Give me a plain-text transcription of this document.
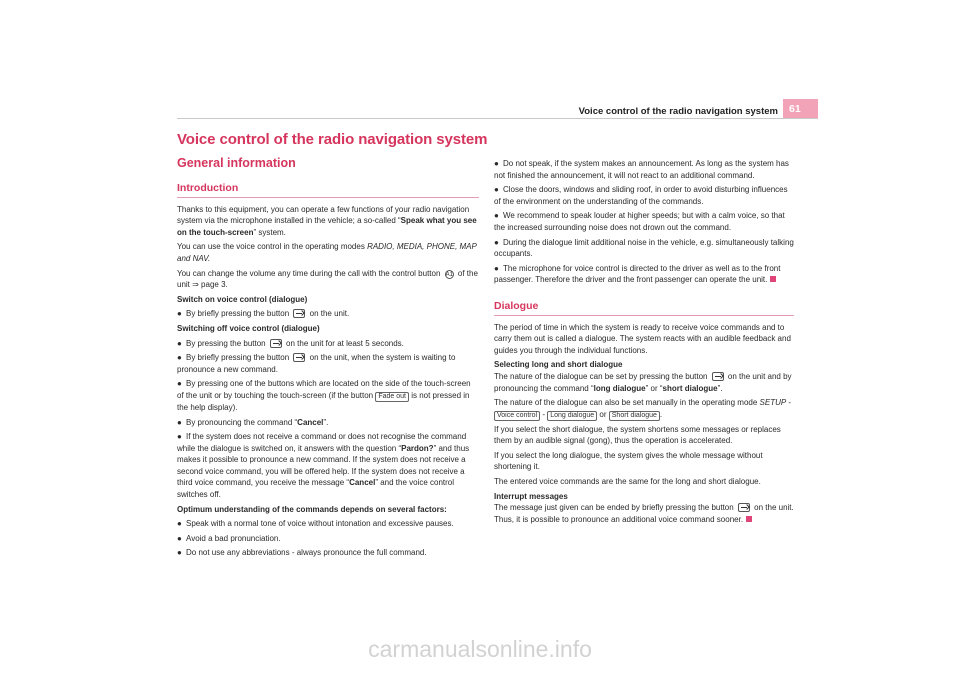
Voice control of the radio navigation system	61
Voice control of the radio navigation system
General information
Introduction

Thanks to this equipment, you can operate a few functions of your radio navigation system via the microphone installed in the vehicle; a so-called “Speak what you see on the touch-screen” system.

You can use the voice control in the operating modes RADIO, MEDIA, PHONE, MAP and NAV.

You can change the volume any time during the call with the control button A1 of the unit ⇒ page 3.

Switch on voice control (dialogue)

● By briefly pressing the button  on the unit.

Switching off voice control (dialogue)

● By pressing the button  on the unit for at least 5 seconds.

● By briefly pressing the button  on the unit, when the system is waiting to pronounce a new command.

● By pressing one of the buttons which are located on the side of the touch-screen of the unit or by touching the touch-screen (if the button Fade out is not pressed in the help display).

● By pronouncing the command “Cancel”.

● If the system does not receive a command or does not recognise the command while the dialogue is switched on, it answers with the question “Pardon?” and thus makes it possible to pronounce a new command. If the system does not receive a second voice command, you will be offered help. If the system does not receive a third voice command, you receive the message “Cancel” and the voice control switches off.

Optimum understanding of the commands depends on several factors:

● Speak with a normal tone of voice without intonation and excessive pauses.

● Avoid a bad pronunciation.

● Do not use any abbreviations - always pronounce the full command.

● Do not speak, if the system makes an announcement. As long as the system has not finished the announcement, it will not react to an additional command.

● Close the doors, windows and sliding roof, in order to avoid disturbing influences of the environment on the understanding of the commands.

● We recommend to speak louder at higher speeds; but with a calm voice, so that the increased surrounding noise does not drown out the command.

● During the dialogue limit additional noise in the vehicle, e.g. simultaneously talking occupants.

● The microphone for voice control is directed to the driver as well as to the front passenger. Therefore the driver and the front passenger can operate the unit.

Dialogue

The period of time in which the system is ready to receive voice commands and to carry them out is called a dialogue. The system reacts with an audible feedback and guides you through the individual functions.

Selecting long and short dialogue

The nature of the dialogue can be set by pressing the button  on the unit and by pronouncing the command “long dialogue” or “short dialogue”.

The nature of the dialogue can also be set manually in the operating mode SETUP -
Voice control - Long dialogue or Short dialogue .

If you select the short dialogue, the system shortens some messages or replaces them by an audible signal (gong), thus the operation is accelerated.

If you select the long dialogue, the system gives the whole message without shortening it.

The entered voice commands are the same for the long and short dialogue.

Interrupt messages

The message just given can be ended by briefly pressing the button  on the unit. Thus, it is possible to pronounce an additional voice command sooner.

carmanualsonline.info
